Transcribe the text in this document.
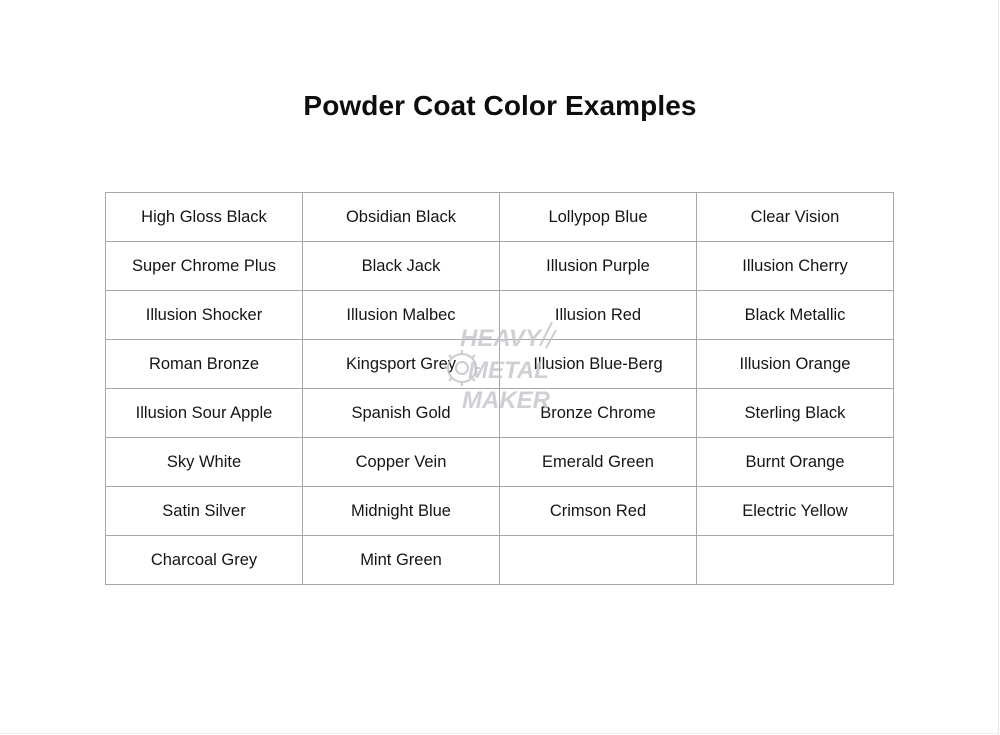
Powder Coat Color Examples
High Gloss Black	Obsidian Black	Lollypop Blue	Clear Vision
Super Chrome Plus	Black Jack	Illusion Purple	Illusion Cherry
Illusion Shocker	Illusion Malbec	Illusion Red	Black Metallic
Roman Bronze	Kingsport Grey	Illusion Blue-Berg	Illusion Orange
Illusion Sour Apple	Spanish Gold	Bronze Chrome	Sterling Black
Sky White	Copper Vein	Emerald Green	Burnt Orange
Satin Silver	Midnight Blue	Crimson Red	Electric Yellow
Charcoal Grey	Mint Green		
HEAVY
METAL
MAKER
